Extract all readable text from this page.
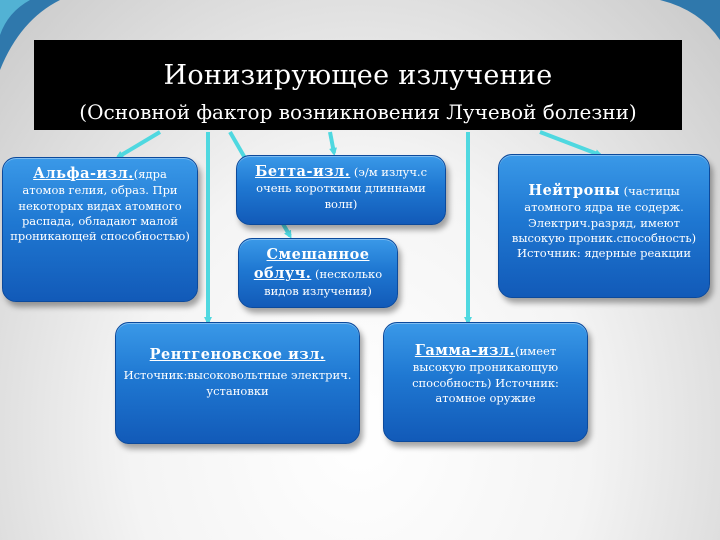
Ионизирующее излучение
(Основной фактор возникновения Лучевой болезни)
Альфа-изл.(ядра
атомов гелия, образ. При некоторых видах атомного распада, обладают малой проникающей способностью)
Бетта-изл. (э/м излуч.с
очень короткими длиннами волн)
Смешанное
облуч. (несколько
видов излучения)
Нейтроны (частицы
атомного ядра не содерж. Электрич.разряд, имеют высокую проник.способность) Источник: ядерные реакции
Рентгеновское изл.
Источник:высоковольтные электрич. установки
Гамма-изл.(имеет
высокую проникающую способность) Источник: атомное оружие
